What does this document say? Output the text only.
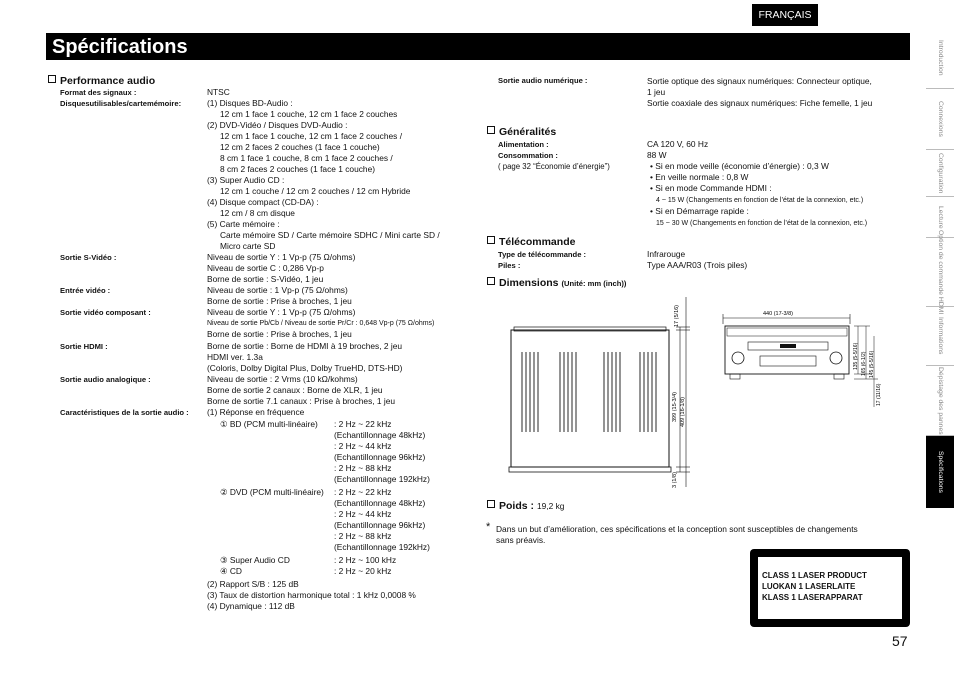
FRANÇAIS
Spécifications
Performance audio
Format des signaux :	NTSC
Disquesutilisables/cartemémoire:	(1) Disques BD-Audio :
12 cm 1 face 1 couche, 12 cm 1 face 2 couches
(2) DVD-Vidéo / Disques DVD-Audio :
12 cm 1 face 1 couche, 12 cm 1 face 2 couches /
12 cm 2 faces 2 couches (1 face 1 couche)
8 cm 1 face 1 couche, 8 cm 1 face 2 couches /
8 cm 2 faces 2 couches (1 face 1 couche)
(3) Super Audio CD :
12 cm 1 couche / 12 cm 2 couches / 12 cm Hybride
(4) Disque compact (CD-DA) :
12 cm / 8 cm disque
(5) Carte mémoire :
Carte mémoire SD / Carte mémoire SDHC / Mini carte SD /
Micro carte SD
Sortie S-Vidéo :	Niveau de sortie Y : 1 Vp-p (75 Ω/ohms)
Niveau de sortie C : 0,286 Vp-p
Borne de sortie : S-Vidéo, 1 jeu
Entrée vidéo :	Niveau de sortie : 1 Vp-p (75 Ω/ohms)
Borne de sortie : Prise à broches, 1 jeu
Sortie vidéo composant :	Niveau de sortie Y : 1 Vp-p (75 Ω/ohms)
Niveau de sortie Pb/Cb / Niveau de sortie Pr/Cr : 0,648 Vp-p (75 Ω/ohms)
Borne de sortie : Prise à broches, 1 jeu
Sortie HDMI :	Borne de sortie : Borne de HDMI à 19 broches, 2 jeu
HDMI ver. 1.3a
(Coloris, Dolby Digital Plus, Dolby TrueHD, DTS-HD)
Sortie audio analogique :	Niveau de sortie : 2 Vrms (10 kΩ/kohms)
Borne de sortie 2 canaux : Borne de XLR, 1 jeu
Borne de sortie 7.1 canaux : Prise à broches, 1 jeu
Caractéristiques de la sortie audio : (1) Réponse en fréquence
① BD (PCM multi-linéaire) : 2 Hz ~ 22 kHz
(Echantillonnage 48kHz)
: 2 Hz ~ 44 kHz
(Echantillonnage 96kHz)
: 2 Hz ~ 88 kHz
(Echantillonnage 192kHz)
② DVD (PCM multi-linéaire) : 2 Hz ~ 22 kHz
(Echantillonnage 48kHz)
: 2 Hz ~ 44 kHz
(Echantillonnage 96kHz)
: 2 Hz ~ 88 kHz
(Echantillonnage 192kHz)
③ Super Audio CD	: 2 Hz ~ 100 kHz
④ CD	: 2 Hz ~ 20 kHz
(2) Rapport S/B : 125 dB
(3) Taux de distortion harmonique total : 1 kHz 0,0008 %
(4) Dynamique : 112 dB
Sortie audio numérique :	Sortie optique des signaux numériques: Connecteur optique,
1 jeu
Sortie coaxiale des signaux numériques: Fiche femelle, 1 jeu
Généralités
Alimentation :	CA 120 V, 60 Hz
Consommation :	88 W
( page 32 “Économie d’énergie”)	• Si en mode veille (économie d’énergie) : 0,3 W
• En veille normale : 0,8 W
• Si en mode Commande HDMI :
4 ~ 15 W (Changements en fonction de l’état de la connexion, etc.)
• Si en Démarrage rapide :
15 ~ 30 W (Changements en fonction de l’état de la connexion, etc.)
Télécommande
Type de télécommande :	Infrarouge
Piles :	Type AAA/R03 (Trois piles)
Dimensions (Unité: mm (inch))
17 (5/16)
399 (15-3/4) 409 (16-1/8)
3 (1/8)
440 (17-3/8)
135 (5-5/16) 165 (6-1/2) 145 (5-5/16)
17 (11/16)
Poids : 19,2 kg
* Dans un but d’amélioration, ces spécifications et la conception sont susceptibles de changements
sans préavis.
CLASS 1 LASER PRODUCT
LUOKAN 1 LASERLAITE
KLASS 1 LASERAPPARAT
57
Introduction
Connexions
Configuration
Lecture
Option de commande HDMI
Informations
Dépistage des pannes
Spécifications
